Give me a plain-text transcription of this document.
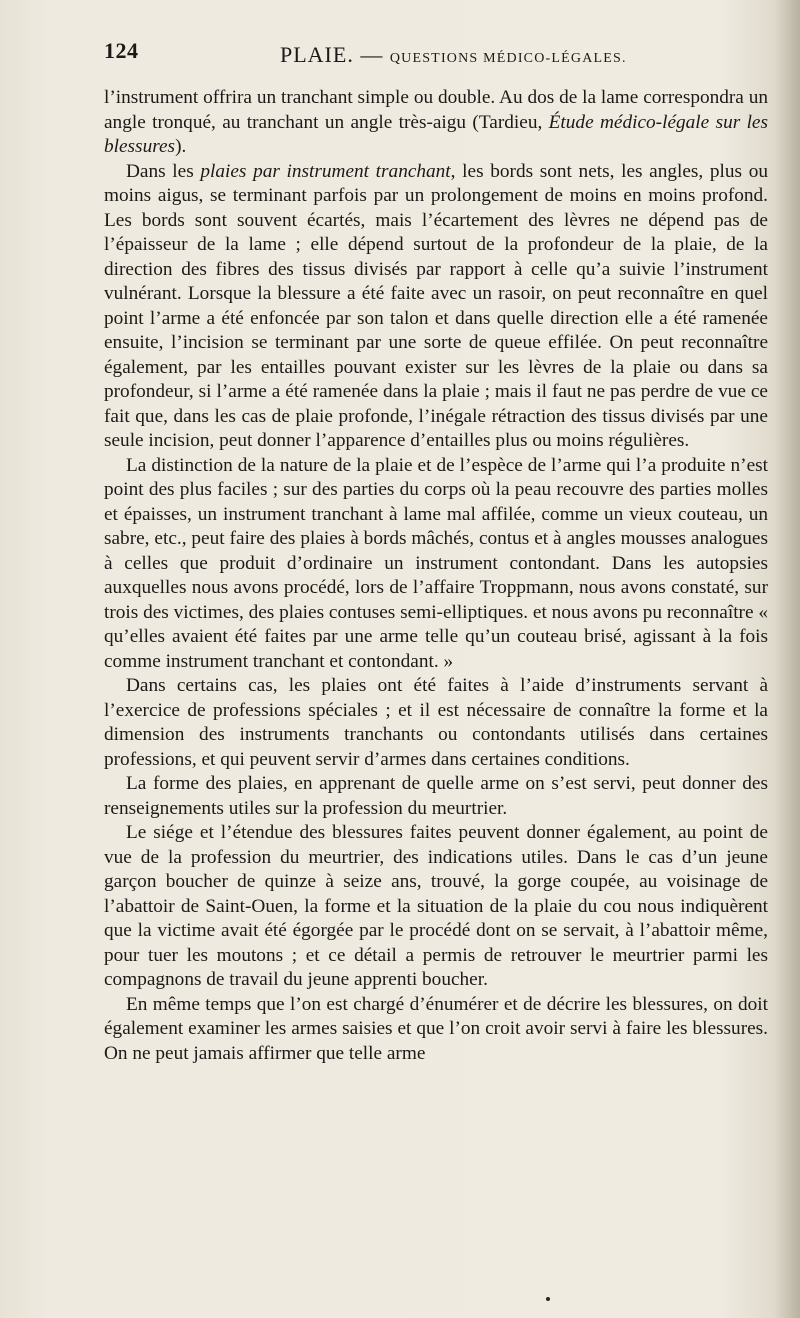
124	PLAIE. — QUESTIONS MÉDICO-LÉGALES.

l’instrument offrira un tranchant simple ou double. Au dos de la lame correspondra un angle tronqué, au tranchant un angle très-aigu (Tardieu, Étude médico-légale sur les blessures).

Dans les plaies par instrument tranchant, les bords sont nets, les angles, plus ou moins aigus, se terminant parfois par un prolongement de moins en moins profond. Les bords sont souvent écartés, mais l’écartement des lèvres ne dépend pas de l’épaisseur de la lame ; elle dépend surtout de la profondeur de la plaie, de la direction des fibres des tissus divisés par rapport à celle qu’a suivie l’instrument vulnérant. Lorsque la blessure a été faite avec un rasoir, on peut reconnaître en quel point l’arme a été enfoncée par son talon et dans quelle direction elle a été ramenée ensuite, l’incision se terminant par une sorte de queue effilée. On peut reconnaître également, par les entailles pouvant exister sur les lèvres de la plaie ou dans sa profondeur, si l’arme a été ramenée dans la plaie ; mais il faut ne pas perdre de vue ce fait que, dans les cas de plaie profonde, l’inégale rétraction des tissus divisés par une seule incision, peut donner l’apparence d’entailles plus ou moins régulières.

La distinction de la nature de la plaie et de l’espèce de l’arme qui l’a produite n’est point des plus faciles ; sur des parties du corps où la peau recouvre des parties molles et épaisses, un instrument tranchant à lame mal affilée, comme un vieux couteau, un sabre, etc., peut faire des plaies à bords mâchés, contus et à angles mousses analogues à celles que produit d’ordinaire un instrument contondant. Dans les autopsies auxquelles nous avons procédé, lors de l’affaire Troppmann, nous avons constaté, sur trois des victimes, des plaies contuses semi-elliptiques. et nous avons pu reconnaître « qu’elles avaient été faites par une arme telle qu’un couteau brisé, agissant à la fois comme instrument tranchant et contondant. »

Dans certains cas, les plaies ont été faites à l’aide d’instruments servant à l’exercice de professions spéciales ; et il est nécessaire de connaître la forme et la dimension des instruments tranchants ou contondants utilisés dans certaines professions, et qui peuvent servir d’armes dans certaines conditions.

La forme des plaies, en apprenant de quelle arme on s’est servi, peut donner des renseignements utiles sur la profession du meurtrier.

Le siége et l’étendue des blessures faites peuvent donner également, au point de vue de la profession du meurtrier, des indications utiles. Dans le cas d’un jeune garçon boucher de quinze à seize ans, trouvé, la gorge coupée, au voisinage de l’abattoir de Saint-Ouen, la forme et la situation de la plaie du cou nous indiquèrent que la victime avait été égorgée par le procédé dont on se servait, à l’abattoir même, pour tuer les moutons ; et ce détail a permis de retrouver le meurtrier parmi les compagnons de travail du jeune apprenti boucher.

En même temps que l’on est chargé d’énumérer et de décrire les blessures, on doit également examiner les armes saisies et que l’on croit avoir servi à faire les blessures. On ne peut jamais affirmer que telle arme
